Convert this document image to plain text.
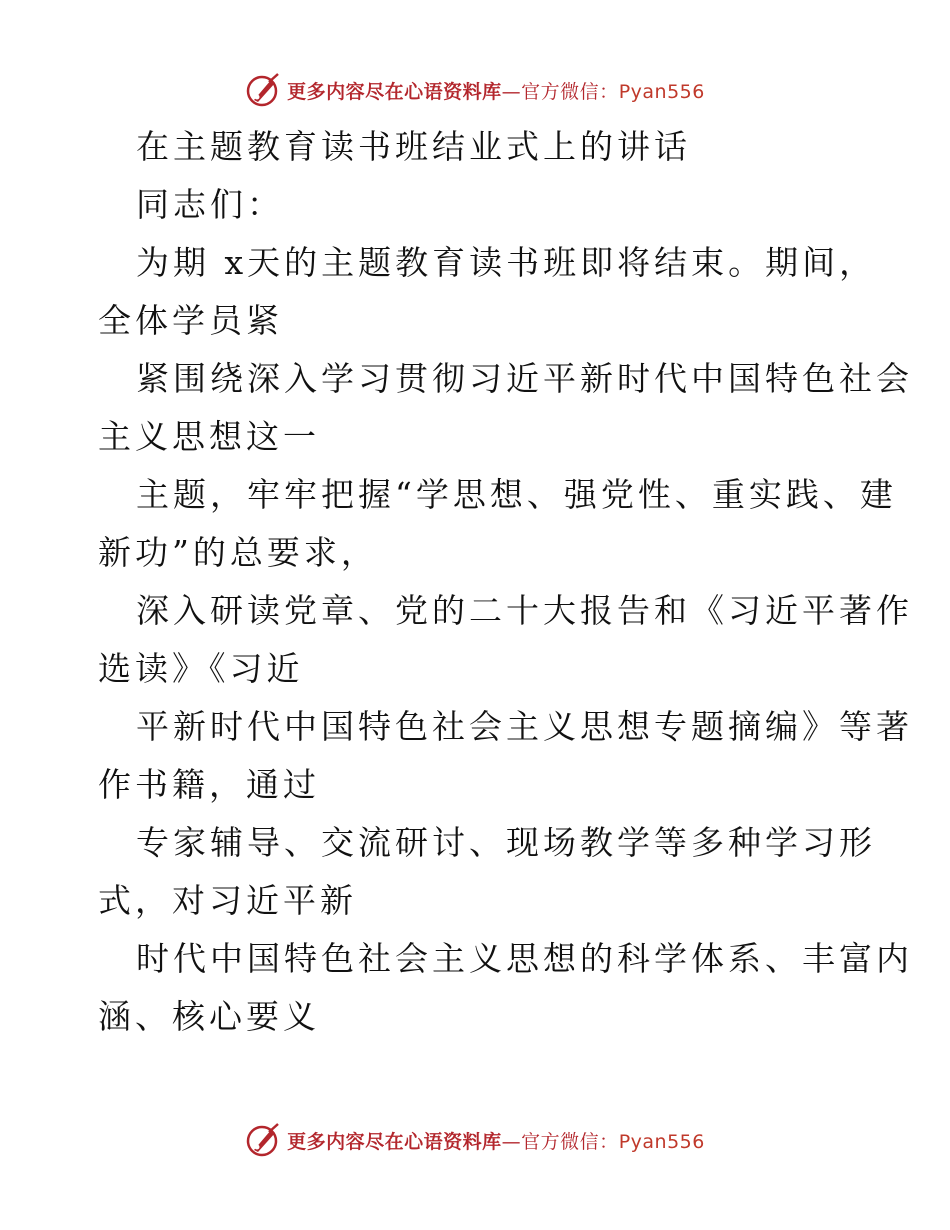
更多内容尽在心语资料库—官方微信：Pyan556
在主题教育读书班结业式上的讲话
同志们：
为期 x天的主题教育读书班即将结束。期间，
全体学员紧
紧围绕深入学习贯彻习近平新时代中国特色社会
主义思想这一
主题，牢牢把握“学思想、强党性、重实践、建
新功”的总要求，
深入研读党章、党的二十大报告和《习近平著作
选读》《习近
平新时代中国特色社会主义思想专题摘编》等著
作书籍，通过
专家辅导、交流研讨、现场教学等多种学习形
式，对习近平新
时代中国特色社会主义思想的科学体系、丰富内
涵、核心要义
更多内容尽在心语资料库—官方微信：Pyan556
